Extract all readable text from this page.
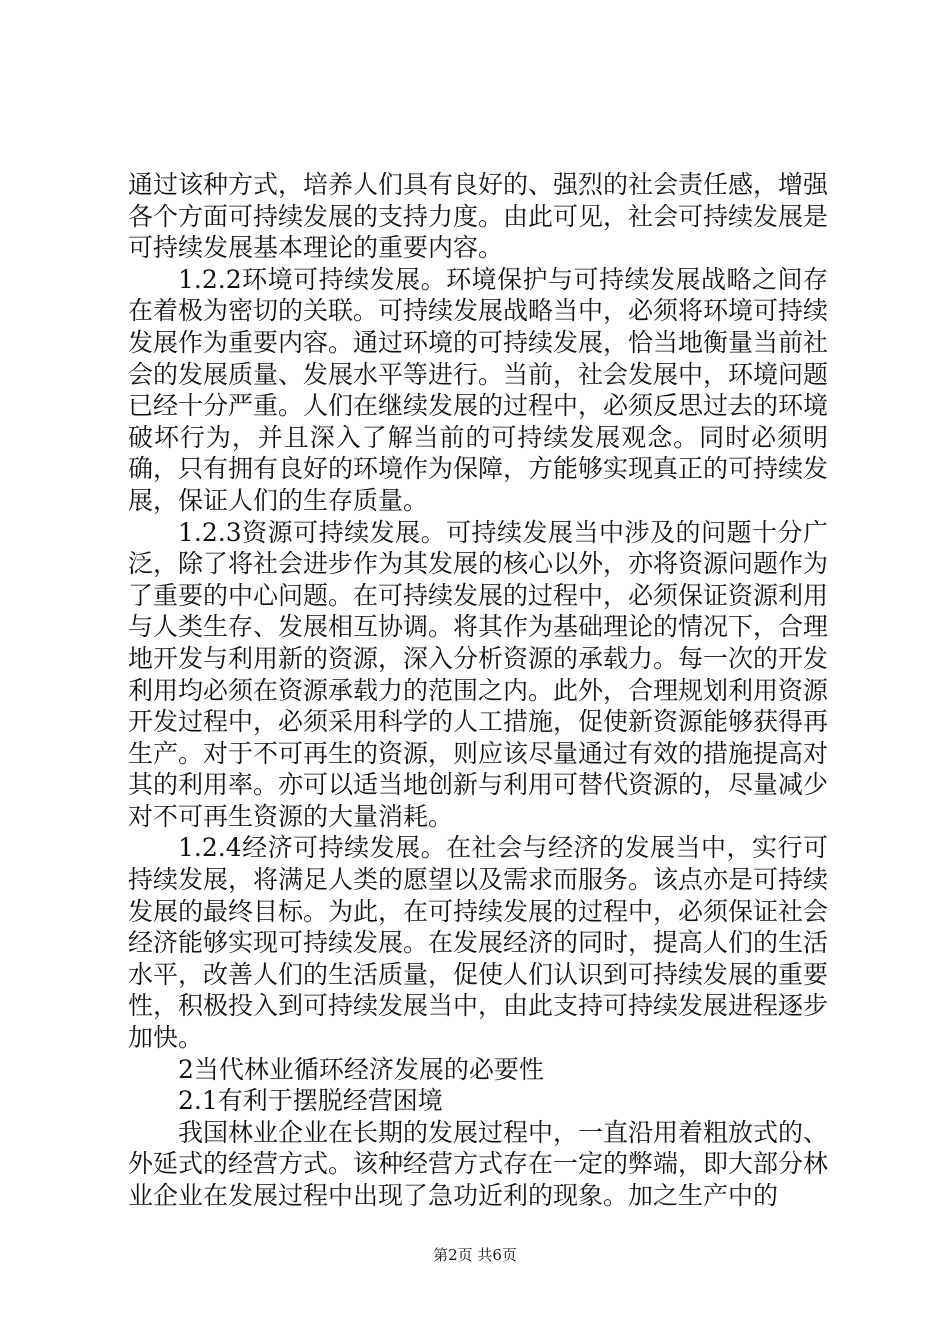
通过该种方式，培养人们具有良好的、强烈的社会责任感，增强各个方面可持续发展的支持力度。由此可见，社会可持续发展是可持续发展基本理论的重要内容。

1.2.2环境可持续发展。环境保护与可持续发展战略之间存在着极为密切的关联。可持续发展战略当中，必须将环境可持续发展作为重要内容。通过环境的可持续发展，恰当地衡量当前社会的发展质量、发展水平等进行。当前，社会发展中，环境问题已经十分严重。人们在继续发展的过程中，必须反思过去的环境破坏行为，并且深入了解当前的可持续发展观念。同时必须明确，只有拥有良好的环境作为保障，方能够实现真正的可持续发展，保证人们的生存质量。

1.2.3资源可持续发展。可持续发展当中涉及的问题十分广泛，除了将社会进步作为其发展的核心以外，亦将资源问题作为了重要的中心问题。在可持续发展的过程中，必须保证资源利用与人类生存、发展相互协调。将其作为基础理论的情况下，合理地开发与利用新的资源，深入分析资源的承载力。每一次的开发利用均必须在资源承载力的范围之内。此外，合理规划利用资源开发过程中，必须采用科学的人工措施，促使新资源能够获得再生产。对于不可再生的资源，则应该尽量通过有效的措施提高对其的利用率。亦可以适当地创新与利用可替代资源的，尽量减少对不可再生资源的大量消耗。

1.2.4经济可持续发展。在社会与经济的发展当中，实行可持续发展，将满足人类的愿望以及需求而服务。该点亦是可持续发展的最终目标。为此，在可持续发展的过程中，必须保证社会经济能够实现可持续发展。在发展经济的同时，提高人们的生活水平，改善人们的生活质量，促使人们认识到可持续发展的重要性，积极投入到可持续发展当中，由此支持可持续发展进程逐步加快。

2当代林业循环经济发展的必要性

2.1有利于摆脱经营困境

我国林业企业在长期的发展过程中，一直沿用着粗放式的、外延式的经营方式。该种经营方式存在一定的弊端，即大部分林业企业在发展过程中出现了急功近利的现象。加之生产中的

第2页 共6页
